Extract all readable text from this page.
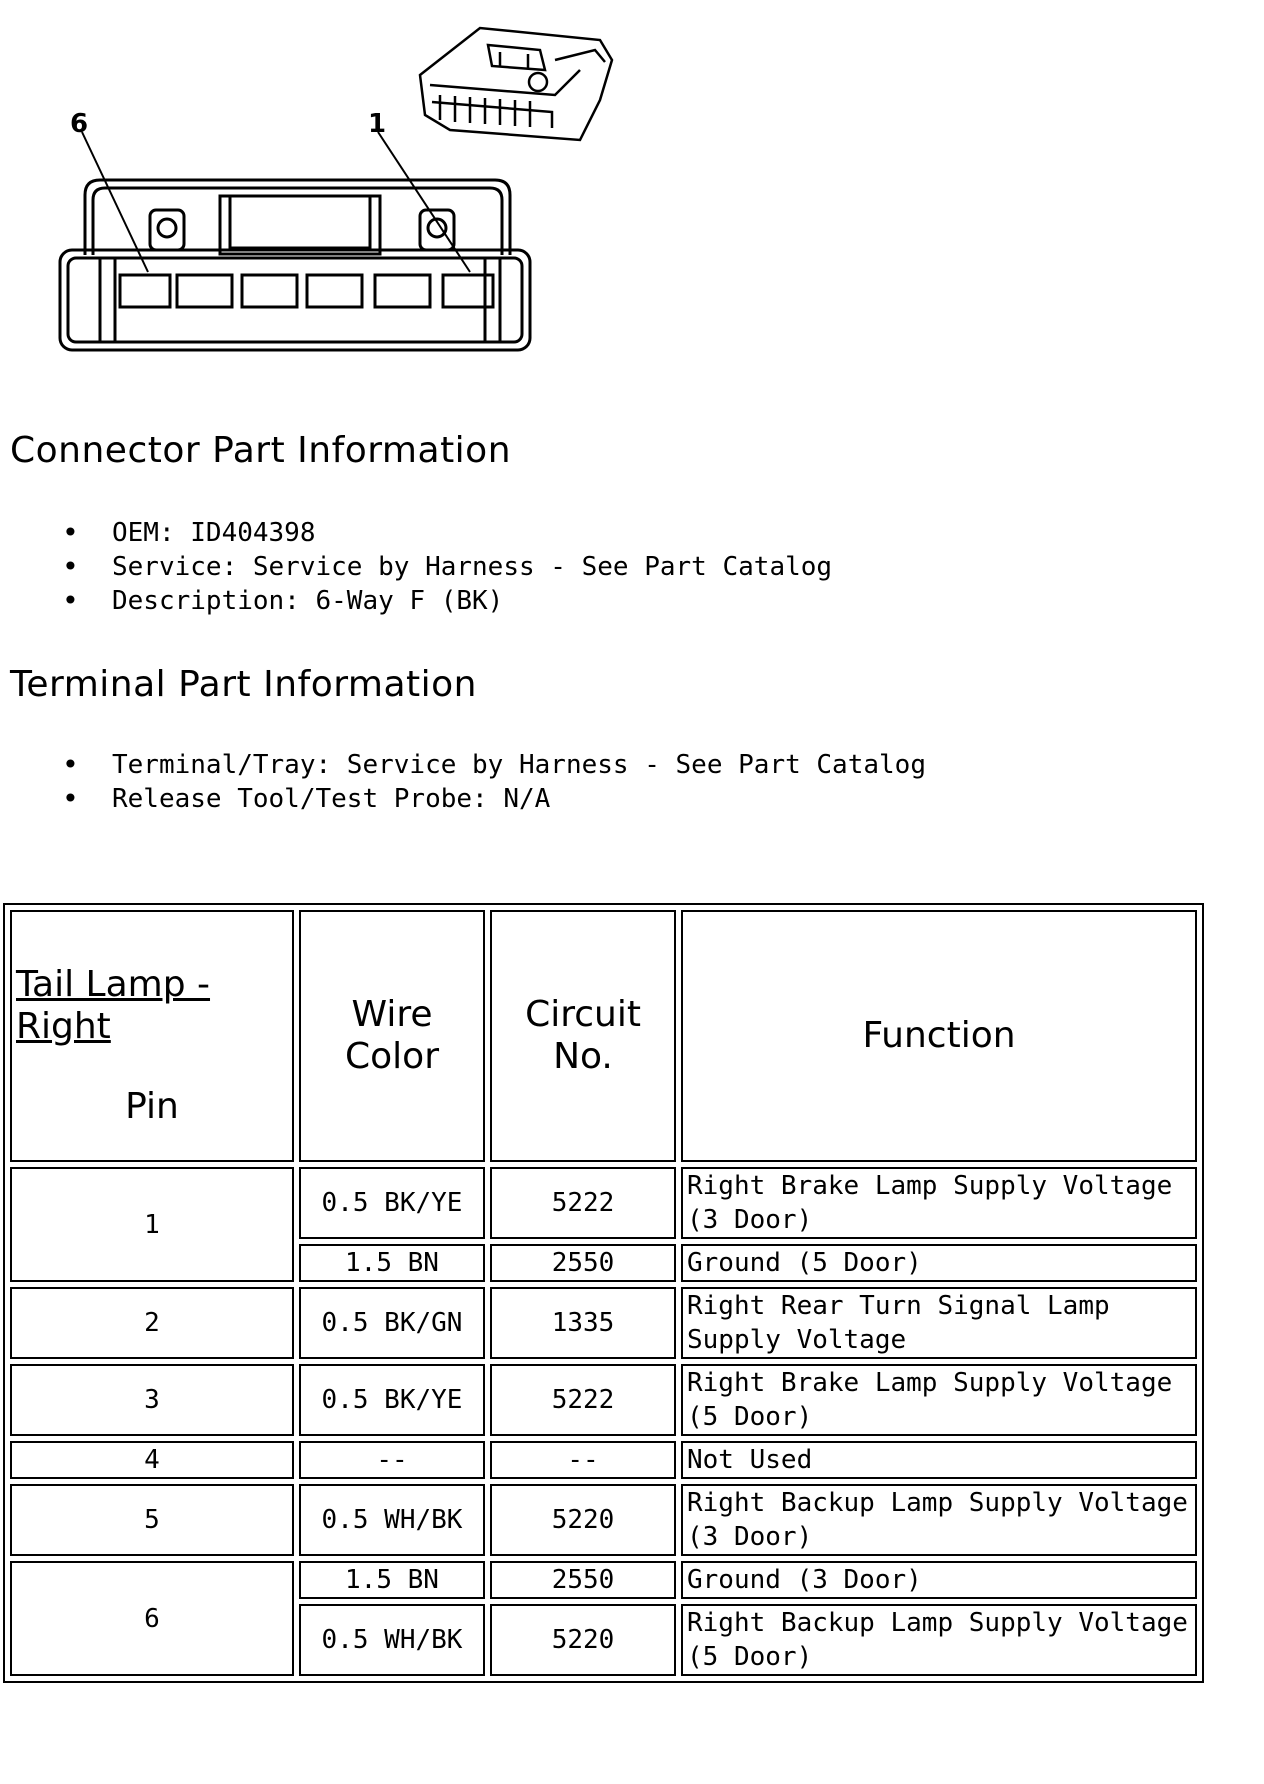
6	1
Connector Part Information
• OEM: ID404398
• Service: Service by Harness - See Part Catalog
• Description: 6-Way F (BK)
Terminal Part Information
• Terminal/Tray: Service by Harness - See Part Catalog
• Release Tool/Test Probe: N/A
Tail Lamp - Right
Pin	Wire Color	Circuit No.	Function
1	0.5 BK/YE	5222	Right Brake Lamp Supply Voltage (3 Door)
	1.5 BN	2550	Ground (5 Door)
2	0.5 BK/GN	1335	Right Rear Turn Signal Lamp Supply Voltage
3	0.5 BK/YE	5222	Right Brake Lamp Supply Voltage (5 Door)
4	--	--	Not Used
5	0.5 WH/BK	5220	Right Backup Lamp Supply Voltage (3 Door)
6	1.5 BN	2550	Ground (3 Door)
	0.5 WH/BK	5220	Right Backup Lamp Supply Voltage (5 Door)
